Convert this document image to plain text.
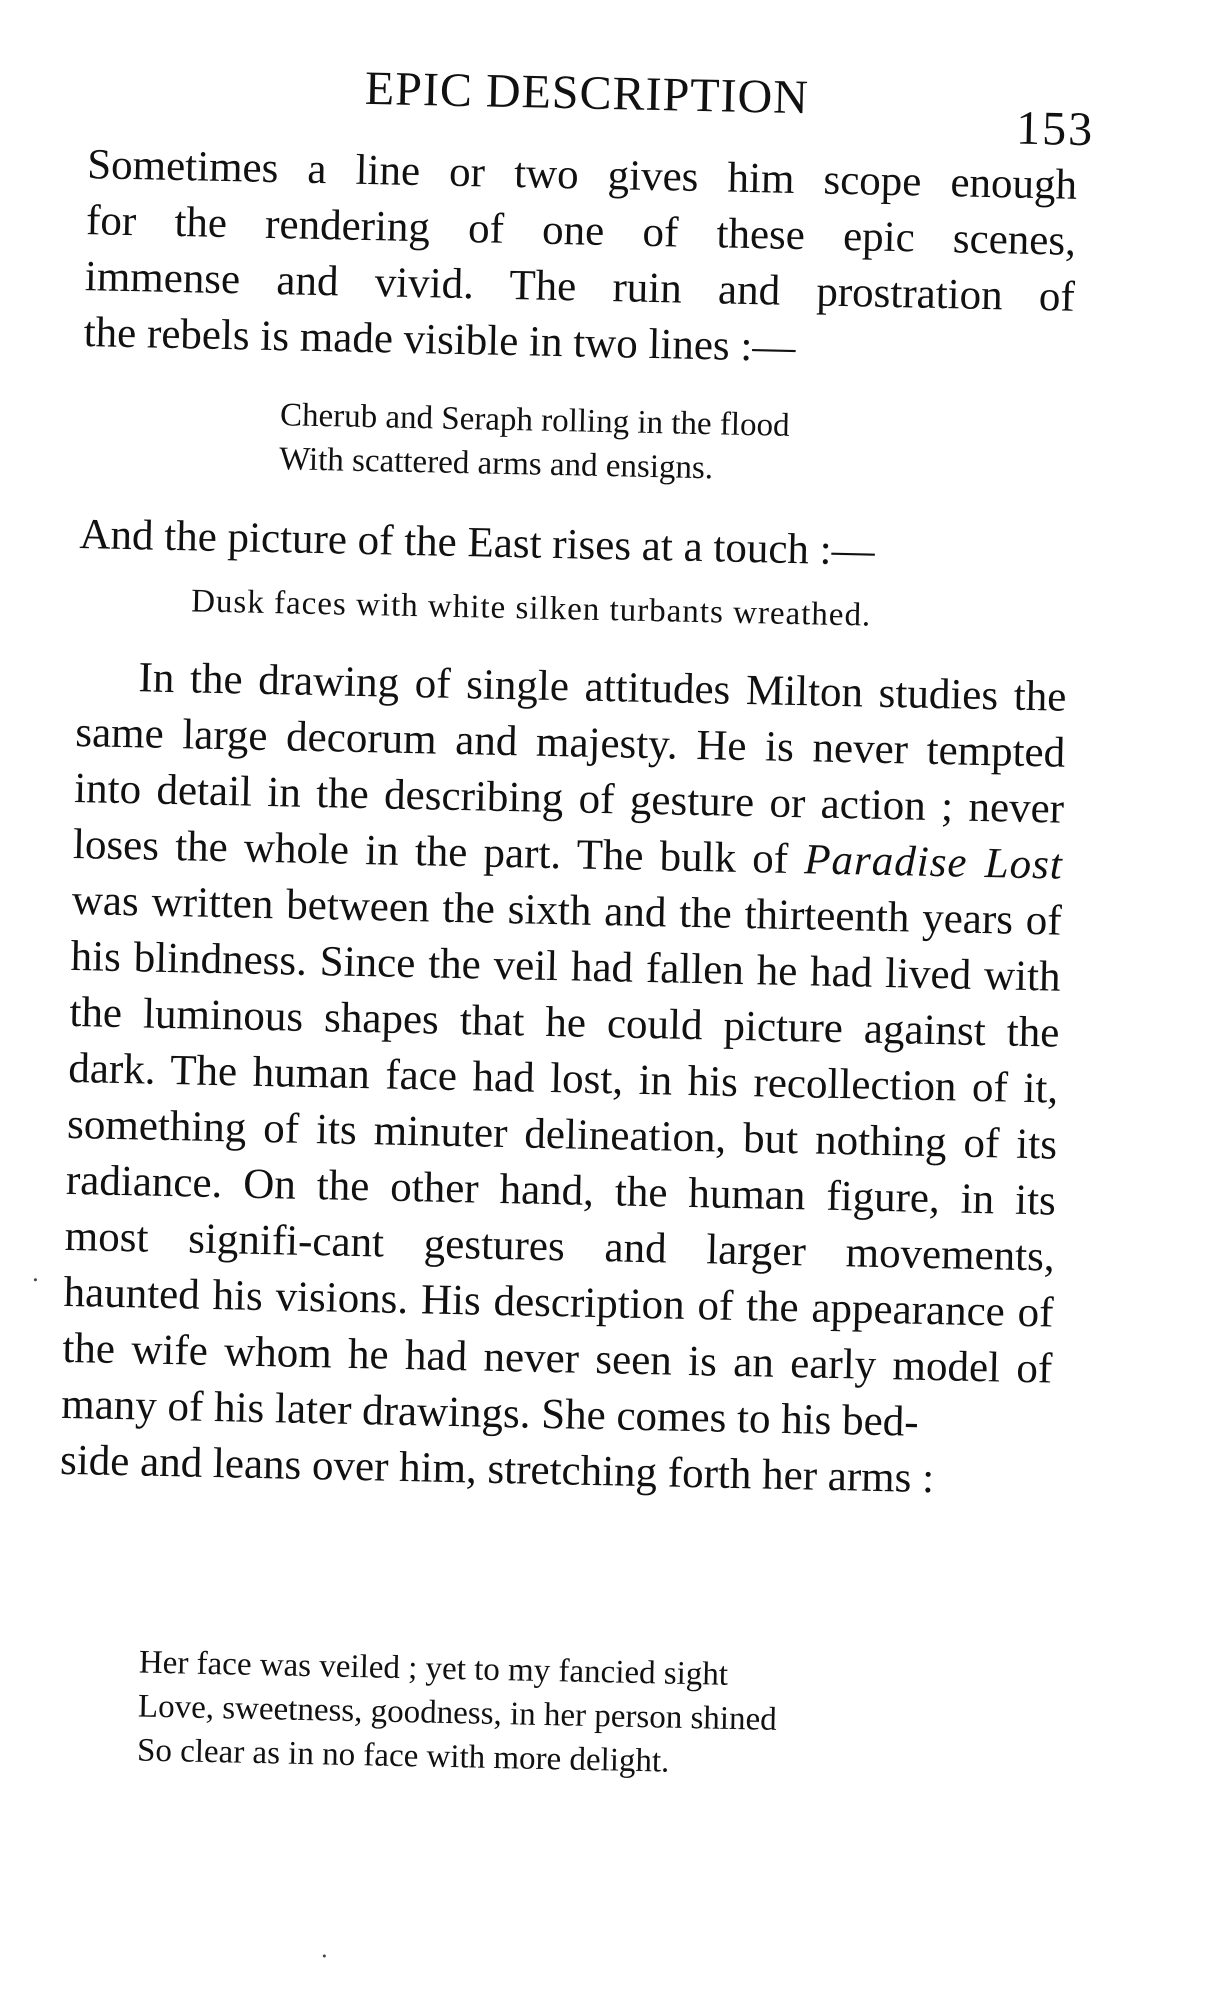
EPIC DESCRIPTION
153
Sometimes a line or two gives him scope enough
for the rendering of one of these epic scenes,
immense and vivid. The ruin and prostration of
the rebels is made visible in two lines :—
Cherub and Seraph rolling in the flood
With scattered arms and ensigns.
And the picture of the East rises at a touch :—
Dusk faces with white silken turbants wreathed.
In the drawing of single attitudes Milton studies the same large decorum and majesty. He is never tempted into detail in the describing of gesture or action ; never loses the whole in the part. The bulk of Paradise Lost was written between the sixth and the thirteenth years of his blindness. Since the veil had fallen he had lived with the luminous shapes that he could picture against the dark. The human face had lost, in his recollection of it, something of its minuter delineation, but nothing of its radiance. On the other hand, the human figure, in its most signifi-cant gestures and larger movements, haunted his visions. His description of the appearance of the wife whom he had never seen is an early model of many of his later drawings. She comes to his bed-
side and leans over him, stretching forth her arms :
Her face was veiled ; yet to my fancied sight
Love, sweetness, goodness, in her person shined
So clear as in no face with more delight.
